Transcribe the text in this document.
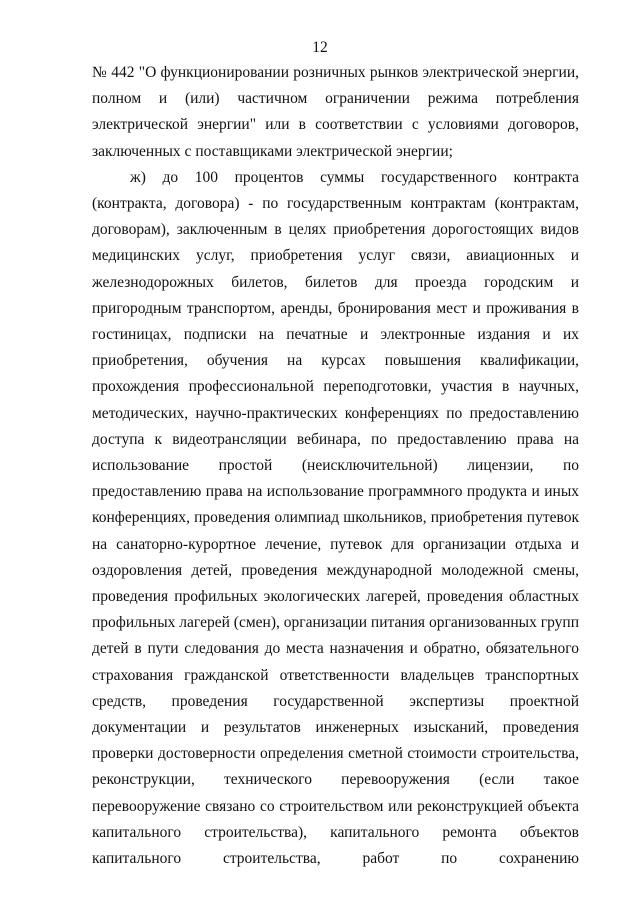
12

№ 442 "О функционировании розничных рынков электрической энергии, полном и (или) частичном ограничении режима потребления электрической энергии" или в соответствии с условиями договоров, заключенных с поставщиками электрической энергии;

ж) до 100 процентов суммы государственного контракта (контракта, договора) - по государственным контрактам (контрактам, договорам), заключенным в целях приобретения дорогостоящих видов медицинских услуг, приобретения услуг связи, авиационных и железнодорожных билетов, билетов для проезда городским и пригородным транспортом, аренды, бронирования мест и проживания в гостиницах, подписки на печатные и электронные издания и их приобретения, обучения на курсах повышения квалификации, прохождения профессиональной переподготовки, участия в научных, методических, научно-практических конференциях по предоставлению доступа к видеотрансляции вебинара, по предоставлению права на использование простой (неисключительной) лицензии, по предоставлению права на использование программного продукта и иных конференциях, проведения олимпиад школьников, приобретения путевок на санаторно-курортное лечение, путевок для организации отдыха и оздоровления детей, проведения международной молодежной смены, проведения профильных экологических лагерей, проведения областных профильных лагерей (смен), организации питания организованных групп детей в пути следования до места назначения и обратно, обязательного страхования гражданской ответственности владельцев транспортных средств, проведения государственной экспертизы проектной документации и результатов инженерных изысканий, проведения проверки достоверности определения сметной стоимости строительства, реконструкции, технического перевооружения (если такое перевооружение связано со строительством или реконструкцией объекта капитального строительства), капитального ремонта объектов капитального строительства, работ по сохранению
